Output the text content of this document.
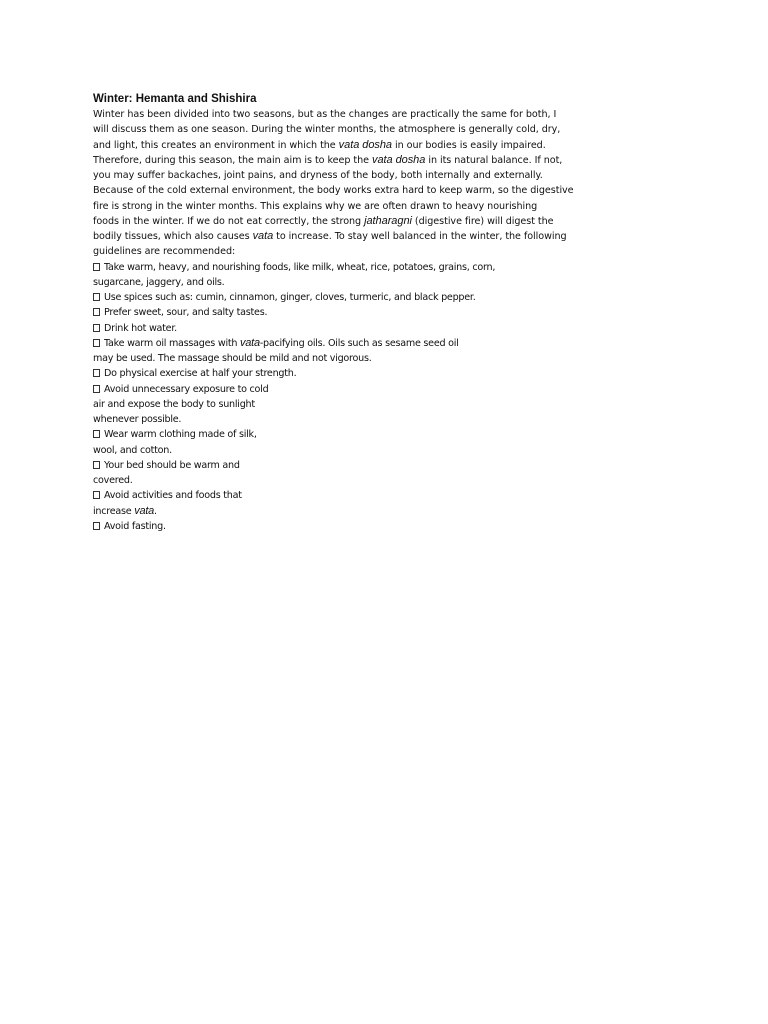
Winter: Hemanta and Shishira
Winter has been divided into two seasons, but as the changes are practically the same for both, I
will discuss them as one season. During the winter months, the atmosphere is generally cold, dry,
and light, this creates an environment in which the vata dosha in our bodies is easily impaired.
Therefore, during this season, the main aim is to keep the vata dosha in its natural balance. If not,
you may suffer backaches, joint pains, and dryness of the body, both internally and externally.
Because of the cold external environment, the body works extra hard to keep warm, so the digestive
fire is strong in the winter months. This explains why we are often drawn to heavy nourishing
foods in the winter. If we do not eat correctly, the strong jatharagni (digestive fire) will digest the
bodily tissues, which also causes vata to increase. To stay well balanced in the winter, the following
guidelines are recommended:
Take warm, heavy, and nourishing foods, like milk, wheat, rice, potatoes, grains, corn,
sugarcane, jaggery, and oils.
Use spices such as: cumin, cinnamon, ginger, cloves, turmeric, and black pepper.
Prefer sweet, sour, and salty tastes.
Drink hot water.
Take warm oil massages with vata-pacifying oils. Oils such as sesame seed oil
may be used. The massage should be mild and not vigorous.
Do physical exercise at half your strength.
Avoid unnecessary exposure to cold
air and expose the body to sunlight
whenever possible.
Wear warm clothing made of silk,
wool, and cotton.
Your bed should be warm and
covered.
Avoid activities and foods that
increase vata.
Avoid fasting.
